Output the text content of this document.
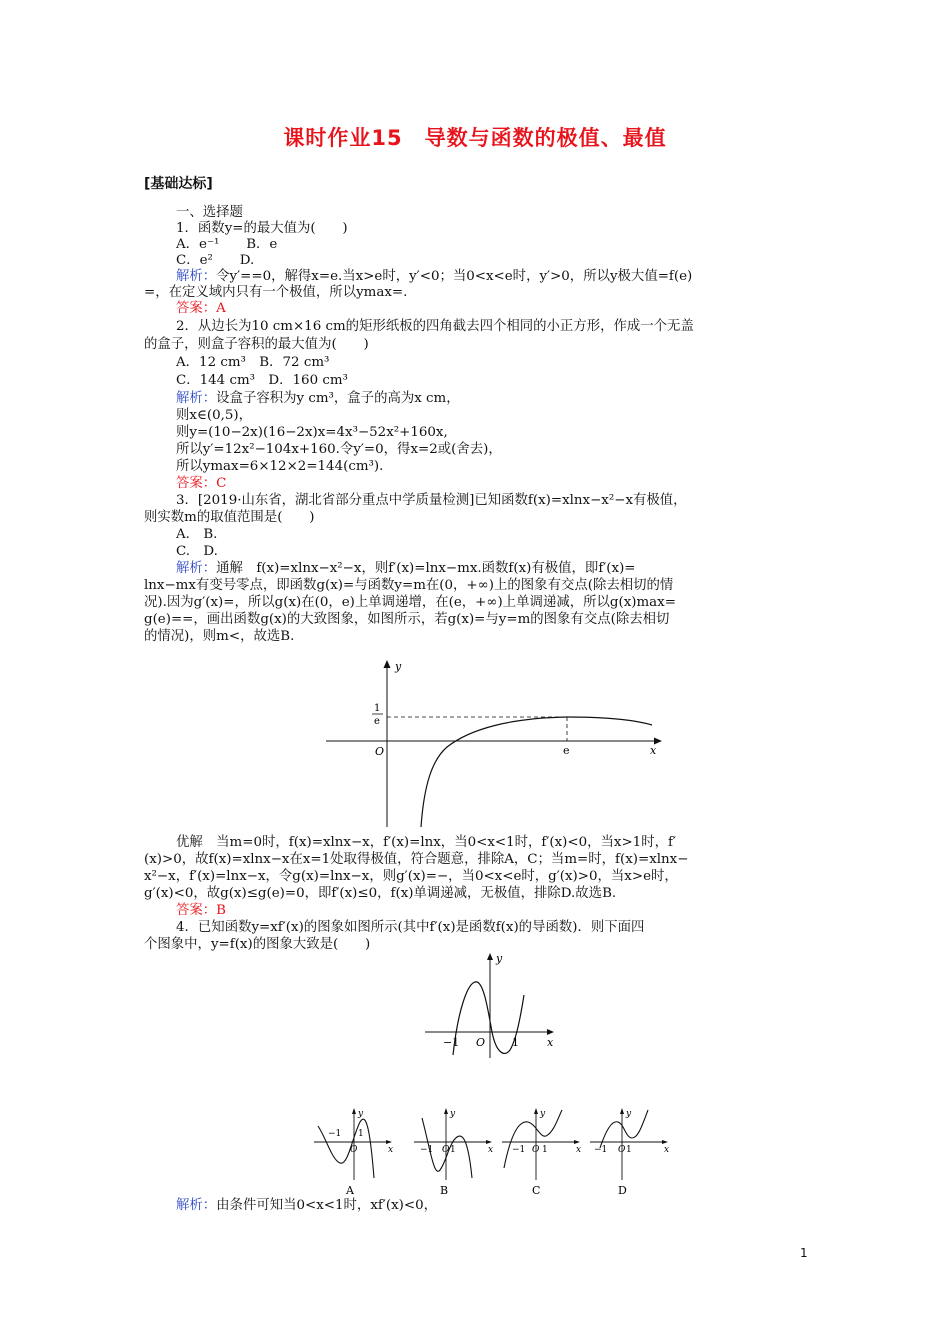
课时作业15　导数与函数的极值、最值
[基础达标]
一、选择题
1．函数y=的最大值为(　　)
A．e⁻¹　　B．e
C．e²　　D.
解析：令y′==0，解得x=e.当x>e时，y′<0；当0<x<e时，y′>0，所以y极大值=f(e)
=，在定义域内只有一个极值，所以ymax=.
答案：A
2．从边长为10 cm×16 cm的矩形纸板的四角截去四个相同的小正方形，作成一个无盖
的盒子，则盒子容积的最大值为(　　)
A．12 cm³　B．72 cm³
C．144 cm³　D．160 cm³
解析：设盒子容积为y cm³，盒子的高为x cm，
则x∈(0,5)，
则y=(10−2x)(16−2x)x=4x³−52x²+160x,
所以y′=12x²−104x+160.令y′=0，得x=2或(舍去)，
所以ymax=6×12×2=144(cm³).
答案：C
3．[2019·山东省，湖北省部分重点中学质量检测]已知函数f(x)=xlnx−x²−x有极值，
则实数m的取值范围是(　　)
A.　B.
C.　D.
解析：通解　f(x)=xlnx−x²−x，则f′(x)=lnx−mx.函数f(x)有极值，即f′(x)=
lnx−mx有变号零点，即函数g(x)=与函数y=m在(0，+∞)上的图象有交点(除去相切的情
况).因为g′(x)=，所以g(x)在(0，e)上单调递增，在(e，+∞)上单调递减，所以g(x)max=
g(e)==，画出函数g(x)的大致图象，如图所示，若g(x)=与y=m的图象有交点(除去相切
的情况)，则m<，故选B.
y
x
O
1
e
e
优解　当m=0时，f(x)=xlnx−x，f′(x)=lnx，当0<x<1时，f′(x)<0，当x>1时，f′
(x)>0，故f(x)=xlnx−x在x=1处取得极值，符合题意，排除A，C；当m=时，f(x)=xlnx−
x²−x，f′(x)=lnx−x，令g(x)=lnx−x，则g′(x)=−，当0<x<e时，g′(x)>0，当x>e时，
g′(x)<0，故g(x)≤g(e)=0，即f′(x)≤0，f(x)单调递减，无极值，排除D.故选B.
答案：B
4．已知函数y=xf′(x)的图象如图所示(其中f′(x)是函数f(x)的导函数)．则下面四
个图象中，y=f(x)的图象大致是(　　)
y
x
O
−1	1
y
x
O
−1 1
A
y
x
O
−1 1
B
y
x
O
−1 1
C
y
x
O
−1 1
D
解析：由条件可知当0<x<1时，xf′(x)<0，
1
